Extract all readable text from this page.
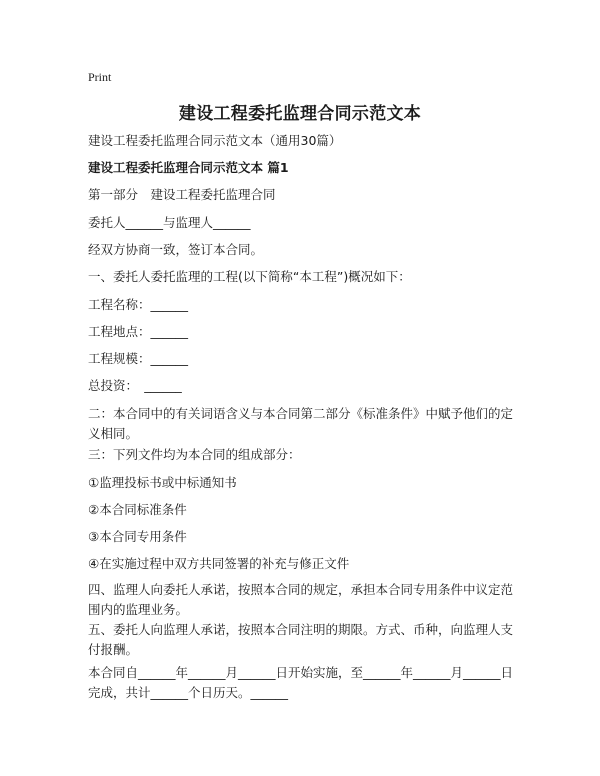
Print
建设工程委托监理合同示范文本
建设工程委托监理合同示范文本（通用30篇）
建设工程委托监理合同示范文本 篇1
第一部分　建设工程委托监理合同
委托人______与监理人______
经双方协商一致，签订本合同。
一、委托人委托监理的工程(以下简称“本工程”)概况如下：
工程名称：______
工程地点：______
工程规模：______
总投资：　______
二：本合同中的有关词语含义与本合同第二部分《标准条件》中赋予他们的定义相同。
三：下列文件均为本合同的组成部分：
①监理投标书或中标通知书
②本合同标准条件
③本合同专用条件
④在实施过程中双方共同签署的补充与修正文件
四、监理人向委托人承诺，按照本合同的规定，承担本合同专用条件中议定范围内的监理业务。
五、委托人向监理人承诺，按照本合同注明的期限。方式、币种，向监理人支付报酬。
本合同自______年______月______日开始实施，至______年______月______日完成，共计______个日历天。______
